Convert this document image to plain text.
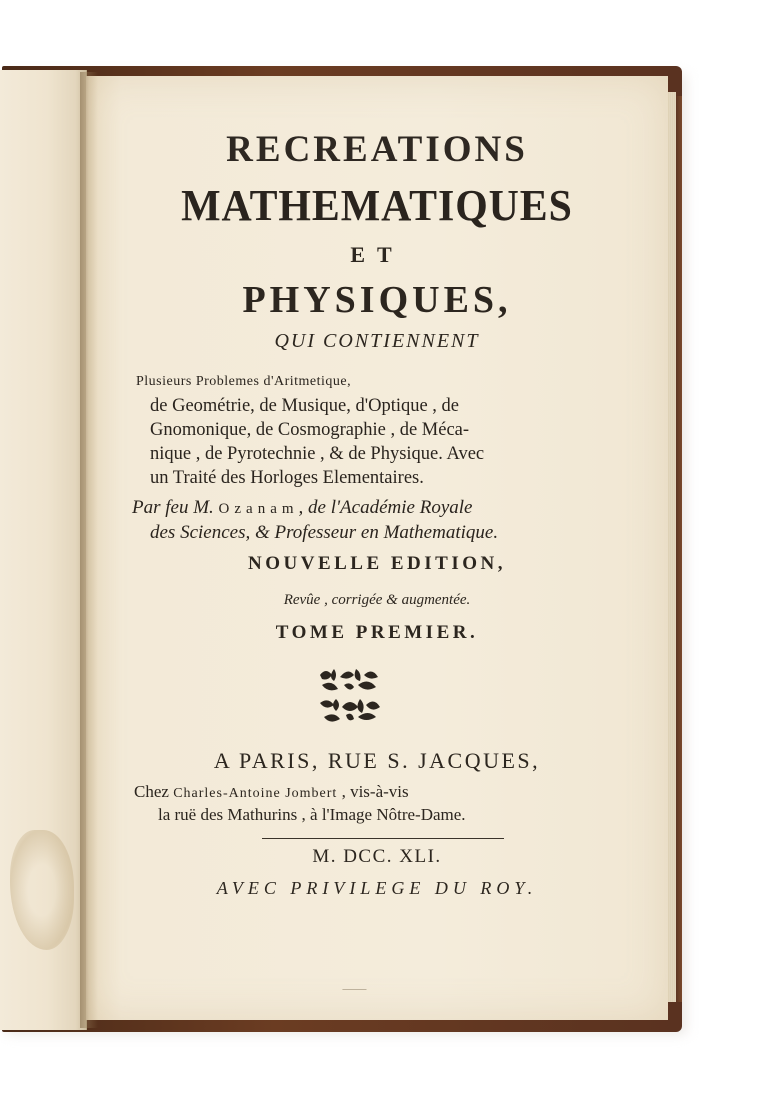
RECREATIONS
MATHEMATIQUES
ET
PHYSIQUES,
QUI CONTIENNENT
Plusieurs Problemes d'Aritmetique,
de Geométrie, de Musique, d'Optique , de
Gnomonique, de Cosmographie , de Méca-
nique , de Pyrotechnie , & de Physique. Avec
un Traité des Horloges Elementaires.
Par feu M. Ozanam, de l'Académie Royale
des Sciences, & Professeur en Mathematique.
NOUVELLE EDITION,
Revûe , corrigée & augmentée.
TOME PREMIER.
A PARIS, RUE S. JACQUES,
Chez Charles-Antoine Jombert , vis-à-vis
la ruë des Mathurins , à l'Image Nôtre-Dame.
M. DCC. XLI.
AVEC PRIVILEGE DU ROY.
⸻
